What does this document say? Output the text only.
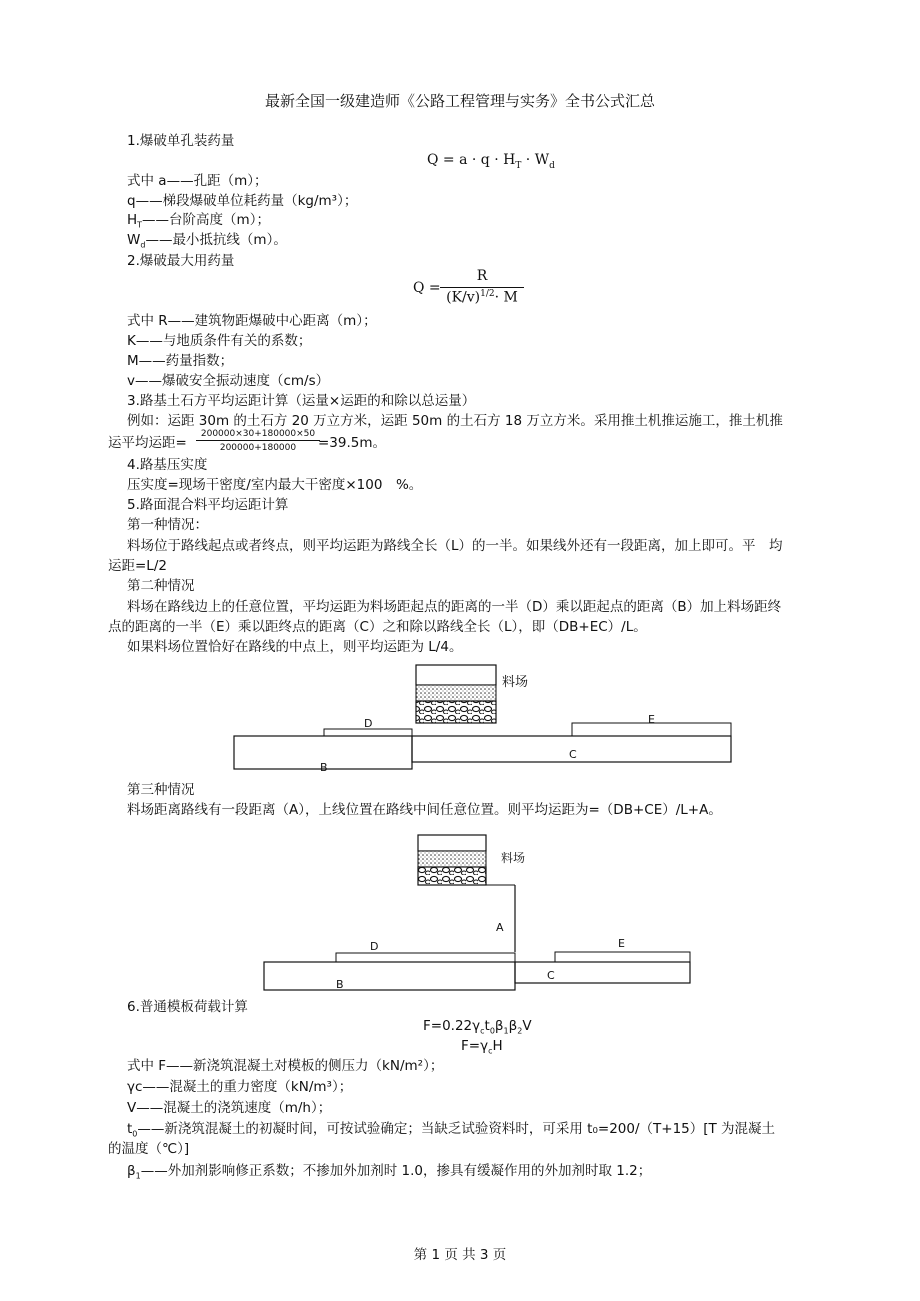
最新全国一级建造师《公路工程管理与实务》全书公式汇总
1.爆破单孔装药量
$Q = a \cdot q \cdot H_T \cdot W_d$
式中 a——孔距（m）；
q——梯段爆破单位耗药量（kg/m³）；
$H_T——$台阶高度（m）；
$W_d——$最小抵抗线（m）。
2.爆破最大用药量
Q =
R
$(K/v)^{1/2}\cdot M$
式中 R——建筑物距爆破中心距离（m）；
K——与地质条件有关的系数；
M——药量指数；
v——爆破安全振动速度（cm/s）
3.路基土石方平均运距计算（运量×运距的和除以总运量）
例如：运距 30m 的土石方 20 万立方米，运距 50m 的土石方 18 万立方米。采用推土机推运施工，推土机推
运平均运距=
200000×30+180000×50
200000+180000	=39.5m。
4.路基压实度
压实度=现场干密度/室内最大干密度×100　%。
5.路面混合料平均运距计算
第一种情况：
料场位于路线起点或者终点，则平均运距为路线全长（L）的一半。如果线外还有一段距离，加上即可。平　均
运距=L/2
第二种情况
料场在路线边上的任意位置，平均运距为料场距起点的距离的一半（D）乘以距起点的距离（B）加上料场距终
点的距离的一半（E）乘以距终点的距离（C）之和除以路线全长（L），即（DB+EC）/L。
如果料场位置恰好在路线的中点上，则平均运距为 L/4。
料场
D	E
B
C
第三种情况
料场距离路线有一段距离（A），上线位置在路线中间任意位置。则平均运距为=（DB+CE）/L+A。
料场
A
D	E
B
C
6.普通模板荷载计算
$F=0.22\gamma_ct_0\beta_1\beta_2V$
$F=\gamma_cH$
式中 F——新浇筑混凝土对模板的侧压力（kN/m²）；
γc——混凝土的重力密度（kN/m³）；
V——混凝土的浇筑速度（m/h）；
$t_0——$新浇筑混凝土的初凝时间，可按试验确定；当缺乏试验资料时，可采用 t₀=200/（T+15）[T 为混凝土
的温度（℃）]
$\beta_1——$外加剂影响修正系数；不掺加外加剂时 1.0，掺具有缓凝作用的外加剂时取 1.2；
第 1 页 共 3 页
